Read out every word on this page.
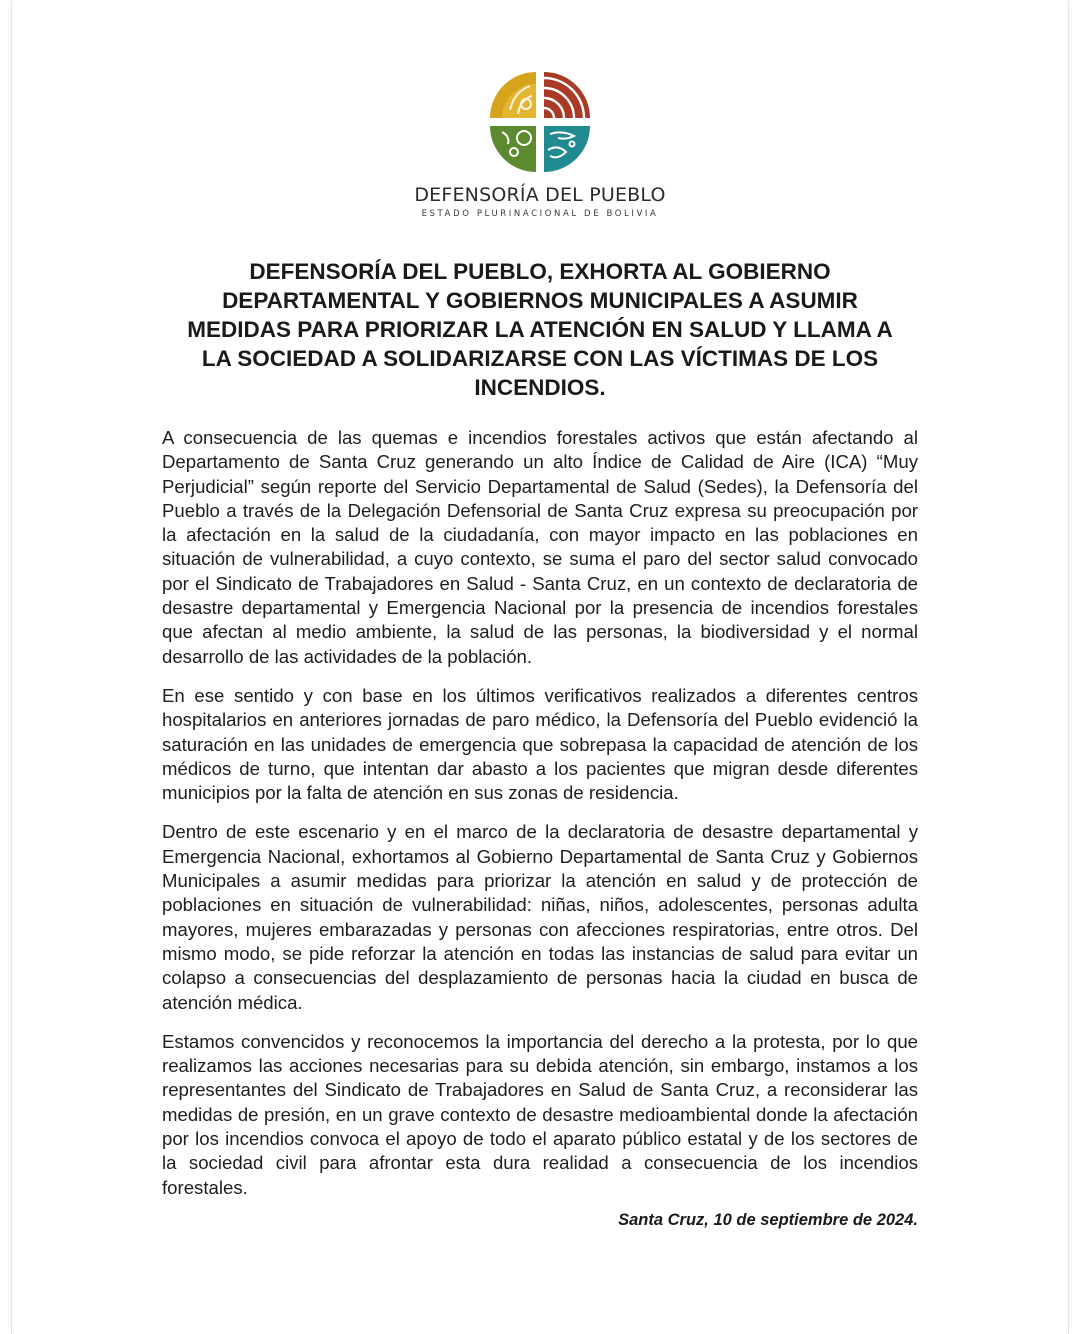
DEFENSORÍA DEL PUEBLO
ESTADO PLURINACIONAL DE BOLIVIA
DEFENSORÍA DEL PUEBLO, EXHORTA AL GOBIERNO DEPARTAMENTAL Y GOBIERNOS MUNICIPALES A ASUMIR MEDIDAS PARA PRIORIZAR LA ATENCIÓN EN SALUD Y LLAMA A LA SOCIEDAD A SOLIDARIZARSE CON LAS VÍCTIMAS DE LOS INCENDIOS.

A consecuencia de las quemas e incendios forestales activos que están afectando al Departamento de Santa Cruz generando un alto Índice de Calidad de Aire (ICA) “Muy Perjudicial” según reporte del Servicio Departamental de Salud (Sedes), la Defensoría del Pueblo a través de la Delegación Defensorial de Santa Cruz expresa su preocupación por la afectación en la salud de la ciudadanía, con mayor impacto en las poblaciones en situación de vulnerabilidad, a cuyo contexto, se suma el paro del sector salud convocado por el Sindicato de Trabajadores en Salud - Santa Cruz, en un contexto de declaratoria de desastre departamental y Emergencia Nacional por la presencia de incendios forestales que afectan al medio ambiente, la salud de las personas, la biodiversidad y el normal desarrollo de las actividades de la población.

En ese sentido y con base en los últimos verificativos realizados a diferentes centros hospitalarios en anteriores jornadas de paro médico, la Defensoría del Pueblo evidenció la saturación en las unidades de emergencia que sobrepasa la capacidad de atención de los médicos de turno, que intentan dar abasto a los pacientes que migran desde diferentes municipios por la falta de atención en sus zonas de residencia.

Dentro de este escenario y en el marco de la declaratoria de desastre departamental y Emergencia Nacional, exhortamos al Gobierno Departamental de Santa Cruz y Gobiernos Municipales a asumir medidas para priorizar la atención en salud y de protección de poblaciones en situación de vulnerabilidad: niñas, niños, adolescentes, personas adulta mayores, mujeres embarazadas y personas con afecciones respiratorias, entre otros. Del mismo modo, se pide reforzar la atención en todas las instancias de salud para evitar un colapso a consecuencias del desplazamiento de personas hacia la ciudad en busca de atención médica.

Estamos convencidos y reconocemos la importancia del derecho a la protesta, por lo que realizamos las acciones necesarias para su debida atención, sin embargo, instamos a los representantes del Sindicato de Trabajadores en Salud de Santa Cruz, a reconsiderar las medidas de presión, en un grave contexto de desastre medioambiental donde la afectación por los incendios convoca el apoyo de todo el aparato público estatal y de los sectores de la sociedad civil para afrontar esta dura realidad a consecuencia de los incendios forestales.

Santa Cruz, 10 de septiembre de 2024.
